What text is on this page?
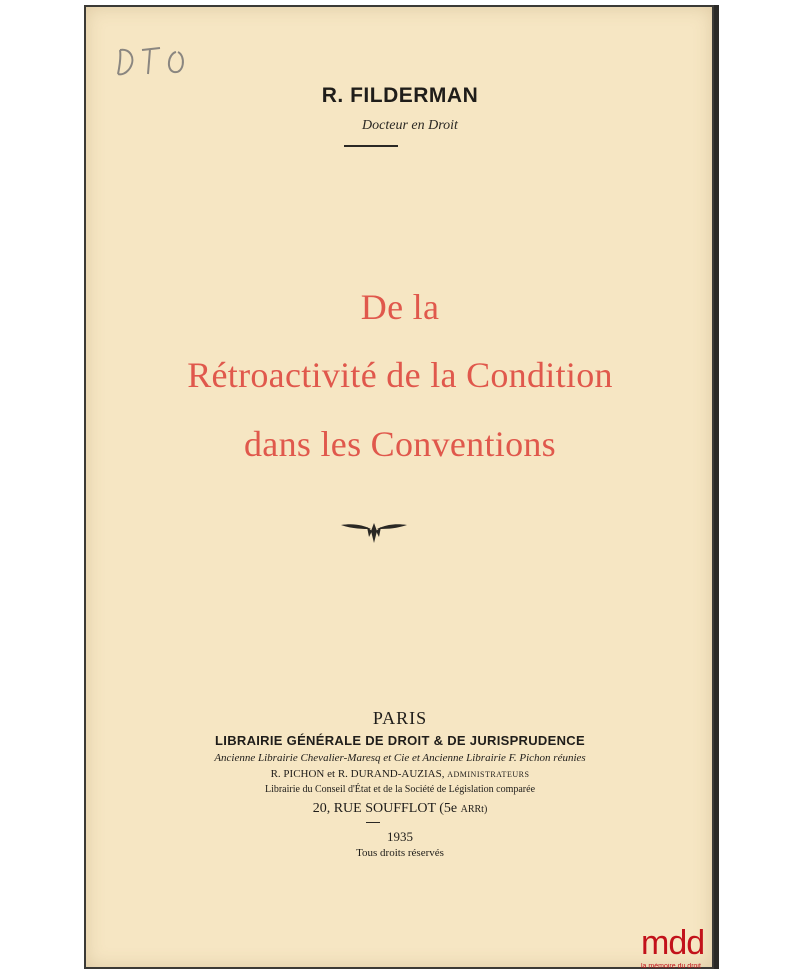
R. FILDERMAN
Docteur en Droit
De la
Rétroactivité de la Condition
dans les Conventions
PARIS
LIBRAIRIE GÉNÉRALE DE DROIT & DE JURISPRUDENCE
Ancienne Librairie Chevalier-Maresq et Cie et Ancienne Librairie F. Pichon réunies
R. PICHON et R. DURAND-AUZIAS, ADMINISTRATEURS
Librairie du Conseil d'État et de la Société de Législation comparée
20, RUE SOUFFLOT (5e ARRt)
1935
Tous droits réservés
mdd
la mémoire du droit
